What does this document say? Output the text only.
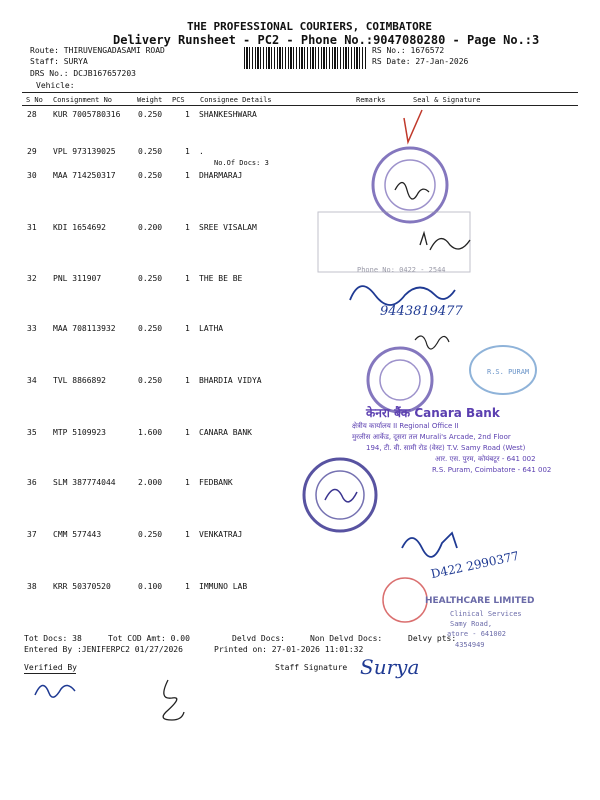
THE PROFESSIONAL COURIERS, COIMBATORE
Delivery Runsheet - PC2 - Phone No.:9047080280 - Page No.:3
Route: THIRUVENGADASAMI ROAD
Staff: SURYA
DRS No.: DCJB167657203
Vehicle:
RS No.: 1676572
RS Date: 27-Jan-2026
S No Consignment No	Weight PCS Consignee Details	Remarks	Seal & Signature
28 KUR 7005780316 0.250	1 SHANKESHWARA
29 VPL 973139025	0.250	1 .
No.Of Docs: 3
30 MAA 714250317	0.250	1 DHARMARAJ
31 KDI 1654692	0.200	1 SREE VISALAM
32 PNL 311907	0.250	1 THE BE BE
33 MAA 708113932	0.250	1 LATHA
34 TVL 8866892	0.250	1 BHARDIA VIDYA
35 MTP 5109923	1.600	1 CANARA BANK
36 SLM 387774044	2.000	1 FEDBANK
37 CMM 577443	0.250	1 VENKATRAJ
38 KRR 50370520	0.100	1 IMMUNO LAB
Phone No: 0422 - 2544
9443819477
R.S. PURAM
केनरा बैंक Canara Bank
क्षेत्रीय कार्यालय II Regional Office II
मुरलीस आर्केड, दूसरा तल Murali's Arcade, 2nd Floor
194, टी. वी. सामी रोड (वेस्ट) T.V. Samy Road (West)
आर. एस. पुरम, कोयंबटूर - 641 002
R.S. Puram, Coimbatore - 641 002
D422 2990377
HEALTHCARE LIMITED
Clinical Services
Samy Road,
atore - 641002
4354949
Tot Docs: 38	Tot COD Amt: 0.00	Delvd Docs:	Non Delvd Docs:	Delvy pts:
Entered By :JENIFERPC2 01/27/2026	Printed on: 27-01-2026 11:01:32
Verified By	Staff Signature Surya
